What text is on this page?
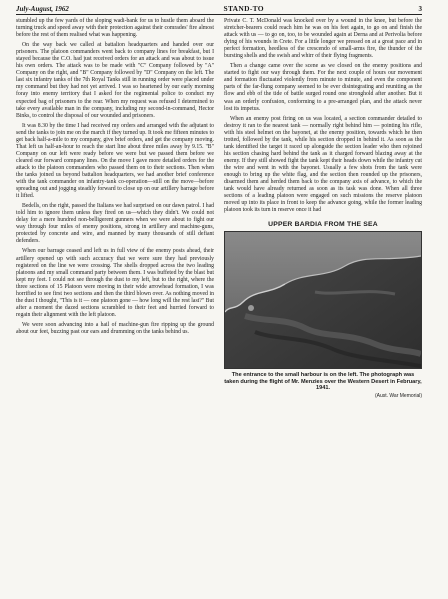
July-August, 1962	STAND-TO	3

stumbled up the few yards of the sloping wadi-bank for us to hustle them aboard the turning truck and speed away with their protection against their comrades' fire almost before the rest of them realised what was happening.

On the way back we called at battalion headquarters and handed over our prisoners. The platoon commanders went back to company lines for breakfast, but I stayed because the C.O. had just received orders for an attack and was about to issue his own orders. The attack was to be made with "C" Company followed by "A" Company on the right, and "B" Company followed by "D" Company on the left. The last six infantry tanks of the 7th Royal Tanks still in running order were placed under my command but they had not yet arrived. I was so heartened by our early morning foray into enemy territory that I asked for the regimental police to conduct my expected bag of prisoners to the rear. When my request was refused I determined to take every available man in the company, including my second-in-command, Hector Binks, to control the disposal of our wounded and prisoners.

It was 8.30 by the time I had received my orders and arranged with the adjutant to send the tanks to join me on the march if they turned up. It took me fifteen minutes to get back half-a-mile to my company, give brief orders, and get the company moving. That left us half-an-hour to reach the start line about three miles away by 9.15. "B" Company on our left were ready before we were but we passed them before we cleared our forward company lines. On the move I gave more detailed orders for the attack to the platoon commanders who passed them on to their sections. Then when the tanks joined us beyond battalion headquarters, we had another brief conference with the tank commander on infantry-tank co-operation—still on the move—before spreading out and jogging steadily forward to close up on our artillery barrage before it lifted.

Bedells, on the right, passed the Italians we had surprised on our dawn patrol. I had told him to ignore them unless they fired on us—which they didn't. We could not delay for a mere hundred non-belligerent gunners when we were about to fight our way through four miles of enemy positions, strong in artillery and machine-guns, protected by concrete and wire, and manned by many thousands of still defiant defenders.

When our barrage ceased and left us in full view of the enemy posts ahead, their artillery opened up with such accuracy that we were sure they had previously registered on the line we were crossing. The shells dropped across the two leading platoons and my small command party between them. I was buffeted by the blast but kept my feet. I could not see through the dust to my left, but to the right, where the three sections of 15 Platoon were moving in their wide arrowhead formation, I was horrified to see first two sections and then the third blown over. As nothing moved in the dust I thought, "This is it — one platoon gone — how long will the rest last?" But after a moment the dazed sections scrambled to their feet and hurried forward to regain their alignment with the left platoon.

We were soon advancing into a hail of machine-gun fire ripping up the ground about our feet, buzzing past our ears and drumming on the tanks behind us.

Private C. T. McDonald was knocked over by a wound in the knee, but before the stretcher-bearers could reach him he was on his feet again, to go on and finish the attack with us — to go on, too, to be wounded again at Derna and at Perivolia before dying of his wounds in Crete. For a little longer we pressed on at a great pace and in perfect formation, heedless of the crescendo of small-arms fire, the thunder of the bursting shells and the swish and whirr of their flying fragments.

Then a change came over the scene as we closed on the enemy positions and started to fight our way through them. For the next couple of hours our movement and formation fluctuated violently from minute to minute, and even the component parts of the far-flung company seemed to be ever disintegrating and reuniting as the flow and ebb of the tide of battle surged round one stronghold after another. But it was an orderly confusion, conforming to a pre-arranged plan, and the attack never lost its impetus.

When an enemy post firing on us was located, a section commander detailed to destroy it ran to the nearest tank — normally right behind him — pointing his rifle, with his steel helmet on the bayonet, at the enemy position, towards which he then trotted, followed by the tank, while his section dropped in behind it. As soon as the tank identified the target it raced up alongside the section leader who then rejoined his section chasing hard behind the tank as it charged forward blazing away at the enemy. If they still showed fight the tank kept their heads down while the infantry cut the wire and went in with the bayonet. Usually a few shots from the tank were enough to bring up the white flag, and the section then rounded up the prisoners, disarmed them and herded them back to the company axis of advance, to which the tank would have already returned as soon as its task was done. When all three sections of a leading platoon were engaged on such missions the reserve platoon moved up into its place in front to keep the advance going, while the former leading platoon took its turn in reserve once it had

UPPER BARDIA FROM THE SEA
The entrance to the small harbour is on the left. The photograph was taken during the flight of Mr. Menzies over the Western Desert in February, 1941.
(Aust. War Memorial)
